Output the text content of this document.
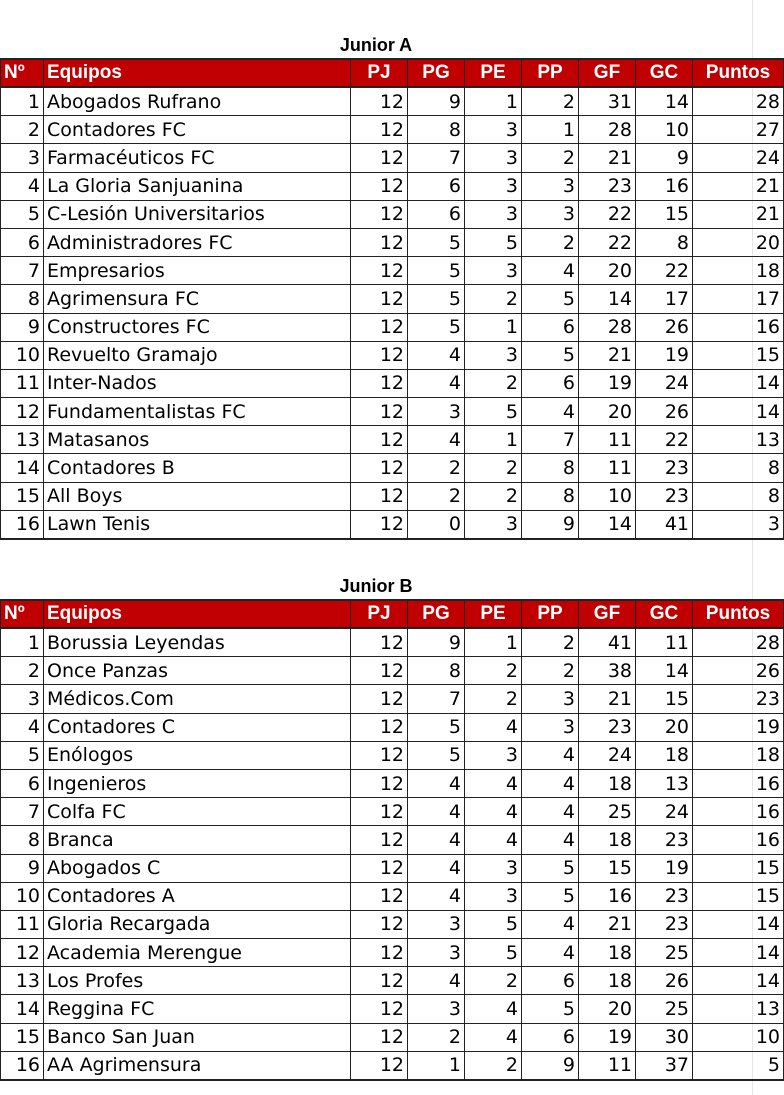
Junior A
Nº	Equipos	PJ	PG	PE	PP	GF	GC	Puntos
1	Abogados Rufrano	12	9	1	2	31	14	28
2	Contadores FC	12	8	3	1	28	10	27
3	Farmacéuticos FC	12	7	3	2	21	9	24
4	La Gloria Sanjuanina	12	6	3	3	23	16	21
5	C-Lesión Universitarios	12	6	3	3	22	15	21
6	Administradores FC	12	5	5	2	22	8	20
7	Empresarios	12	5	3	4	20	22	18
8	Agrimensura FC	12	5	2	5	14	17	17
9	Constructores FC	12	5	1	6	28	26	16
10	Revuelto Gramajo	12	4	3	5	21	19	15
11	Inter-Nados	12	4	2	6	19	24	14
12	Fundamentalistas FC	12	3	5	4	20	26	14
13	Matasanos	12	4	1	7	11	22	13
14	Contadores B	12	2	2	8	11	23	8
15	All Boys	12	2	2	8	10	23	8
16	Lawn Tenis	12	0	3	9	14	41	3
Junior B
Nº	Equipos	PJ	PG	PE	PP	GF	GC	Puntos
1	Borussia Leyendas	12	9	1	2	41	11	28
2	Once Panzas	12	8	2	2	38	14	26
3	Médicos.Com	12	7	2	3	21	15	23
4	Contadores C	12	5	4	3	23	20	19
5	Enólogos	12	5	3	4	24	18	18
6	Ingenieros	12	4	4	4	18	13	16
7	Colfa FC	12	4	4	4	25	24	16
8	Branca	12	4	4	4	18	23	16
9	Abogados C	12	4	3	5	15	19	15
10	Contadores A	12	4	3	5	16	23	15
11	Gloria Recargada	12	3	5	4	21	23	14
12	Academia Merengue	12	3	5	4	18	25	14
13	Los Profes	12	4	2	6	18	26	14
14	Reggina FC	12	3	4	5	20	25	13
15	Banco San Juan	12	2	4	6	19	30	10
16	AA Agrimensura	12	1	2	9	11	37	5
